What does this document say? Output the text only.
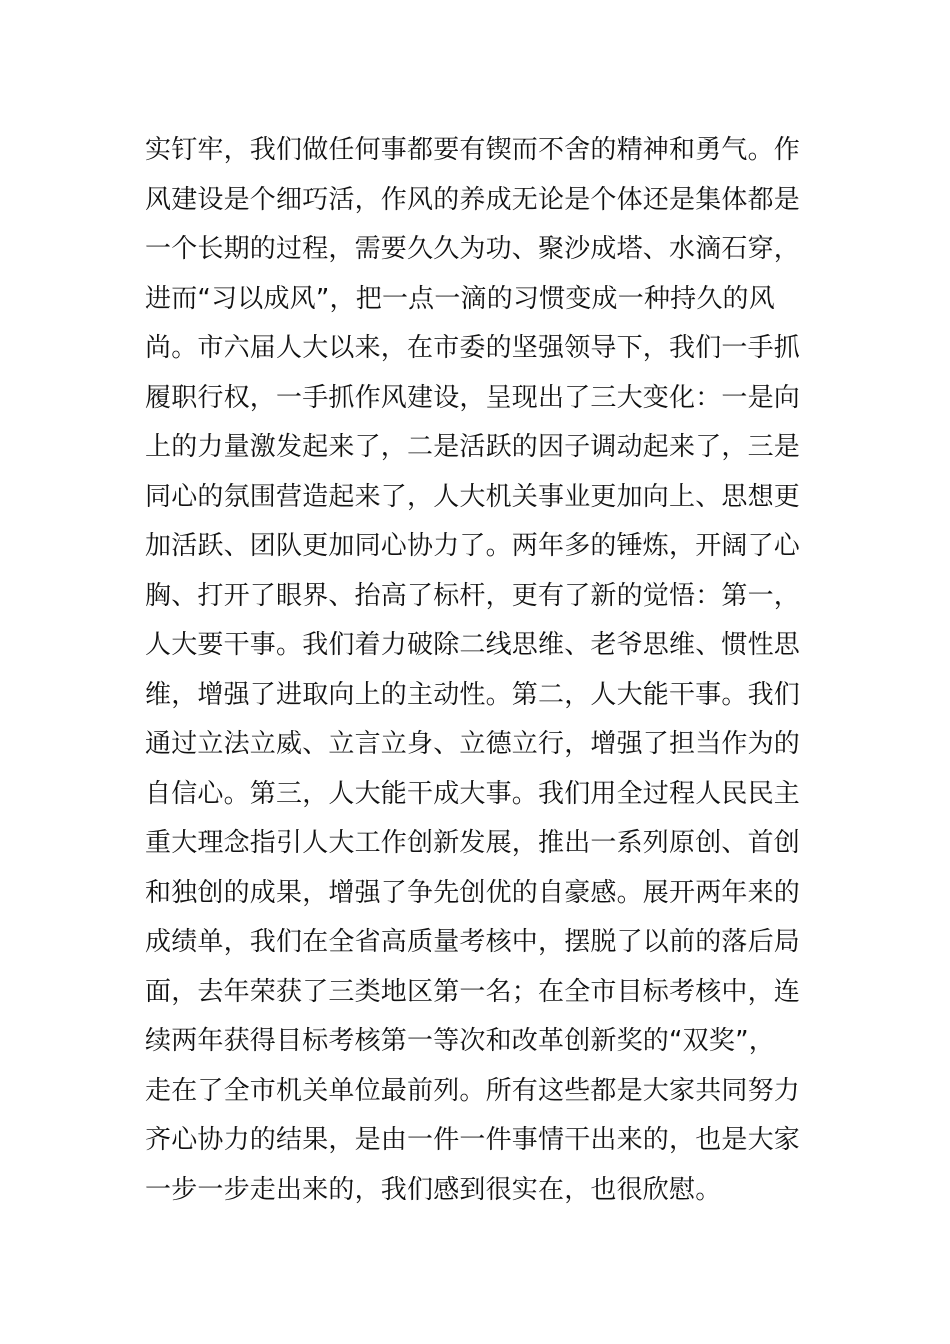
实钉牢，我们做任何事都要有锲而不舍的精神和勇气。作
风建设是个细巧活，作风的养成无论是个体还是集体都是
一个长期的过程，需要久久为功、聚沙成塔、水滴石穿，
进而“习以成风”，把一点一滴的习惯变成一种持久的风
尚。市六届人大以来，在市委的坚强领导下，我们一手抓
履职行权，一手抓作风建设，呈现出了三大变化：一是向
上的力量激发起来了，二是活跃的因子调动起来了，三是
同心的氛围营造起来了，人大机关事业更加向上、思想更
加活跃、团队更加同心协力了。两年多的锤炼，开阔了心
胸、打开了眼界、抬高了标杆，更有了新的觉悟：第一，
人大要干事。我们着力破除二线思维、老爷思维、惯性思
维，增强了进取向上的主动性。第二，人大能干事。我们
通过立法立威、立言立身、立德立行，增强了担当作为的
自信心。第三，人大能干成大事。我们用全过程人民民主
重大理念指引人大工作创新发展，推出一系列原创、首创
和独创的成果，增强了争先创优的自豪感。展开两年来的
成绩单，我们在全省高质量考核中，摆脱了以前的落后局
面，去年荣获了三类地区第一名；在全市目标考核中，连
续两年获得目标考核第一等次和改革创新奖的“双奖”，
走在了全市机关单位最前列。所有这些都是大家共同努力
齐心协力的结果，是由一件一件事情干出来的，也是大家
一步一步走出来的，我们感到很实在，也很欣慰。
